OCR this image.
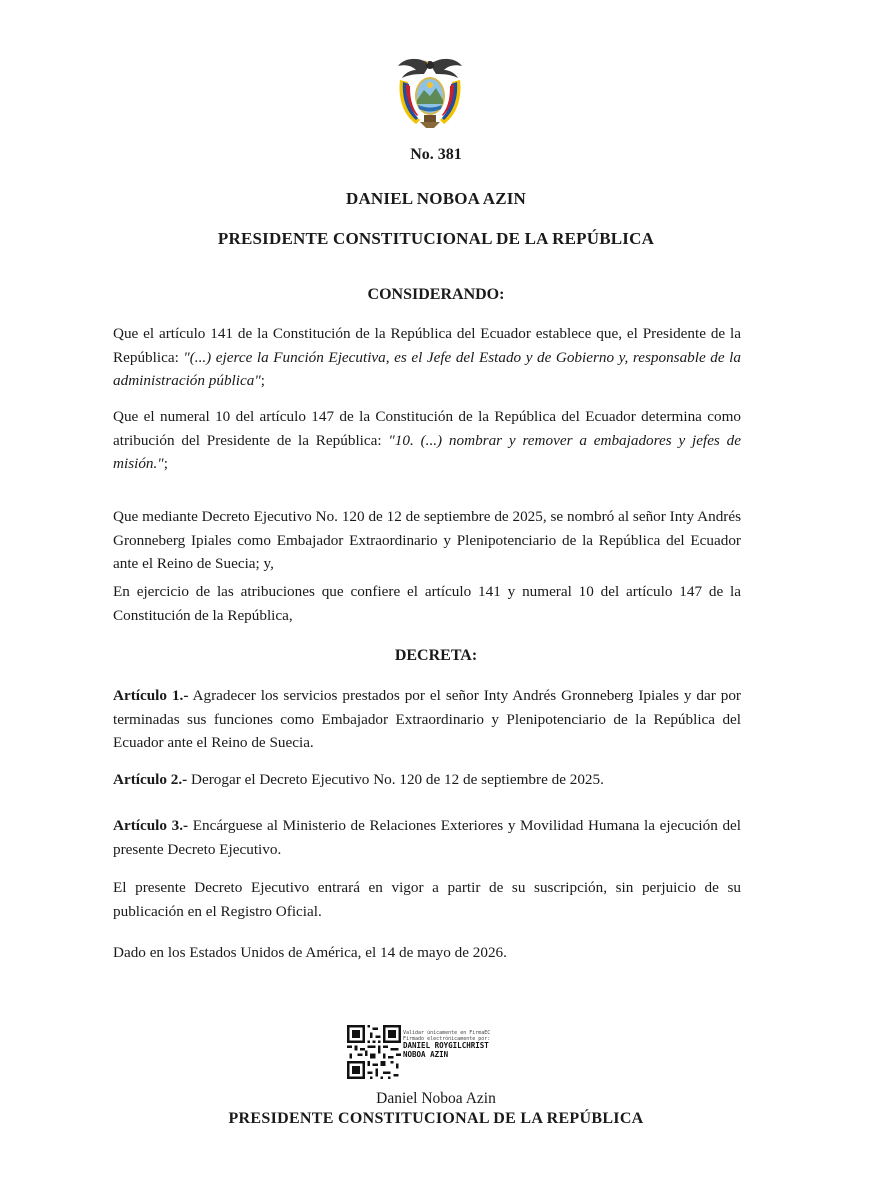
No. 381
DANIEL NOBOA AZIN
PRESIDENTE CONSTITUCIONAL DE LA REPÚBLICA
CONSIDERANDO:
Que el artículo 141 de la Constitución de la República del Ecuador establece que, el Presidente de la República: "(...) ejerce la Función Ejecutiva, es el Jefe del Estado y de Gobierno y, responsable de la administración pública";
Que el numeral 10 del artículo 147 de la Constitución de la República del Ecuador determina como atribución del Presidente de la República: "10. (...) nombrar y remover a embajadores y jefes de misión.";
Que mediante Decreto Ejecutivo No. 120 de 12 de septiembre de 2025, se nombró al señor Inty Andrés Gronneberg Ipiales como Embajador Extraordinario y Plenipotenciario de la República del Ecuador ante el Reino de Suecia; y,
En ejercicio de las atribuciones que confiere el artículo 141 y numeral 10 del artículo 147 de la Constitución de la República,
DECRETA:
Artículo 1.- Agradecer los servicios prestados por el señor Inty Andrés Gronneberg Ipiales y dar por terminadas sus funciones como Embajador Extraordinario y Plenipotenciario de la República del Ecuador ante el Reino de Suecia.
Artículo 2.- Derogar el Decreto Ejecutivo No. 120 de 12 de septiembre de 2025.
Artículo 3.- Encárguese al Ministerio de Relaciones Exteriores y Movilidad Humana la ejecución del presente Decreto Ejecutivo.
El presente Decreto Ejecutivo entrará en vigor a partir de su suscripción, sin perjuicio de su publicación en el Registro Oficial.
Dado en los Estados Unidos de América, el 14 de mayo de 2026.
Validar únicamente en FirmaEC
Firmado electrónicamente por:
DANIEL ROYGILCHRIST
NOBOA AZIN
Daniel Noboa Azin
PRESIDENTE CONSTITUCIONAL DE LA REPÚBLICA
